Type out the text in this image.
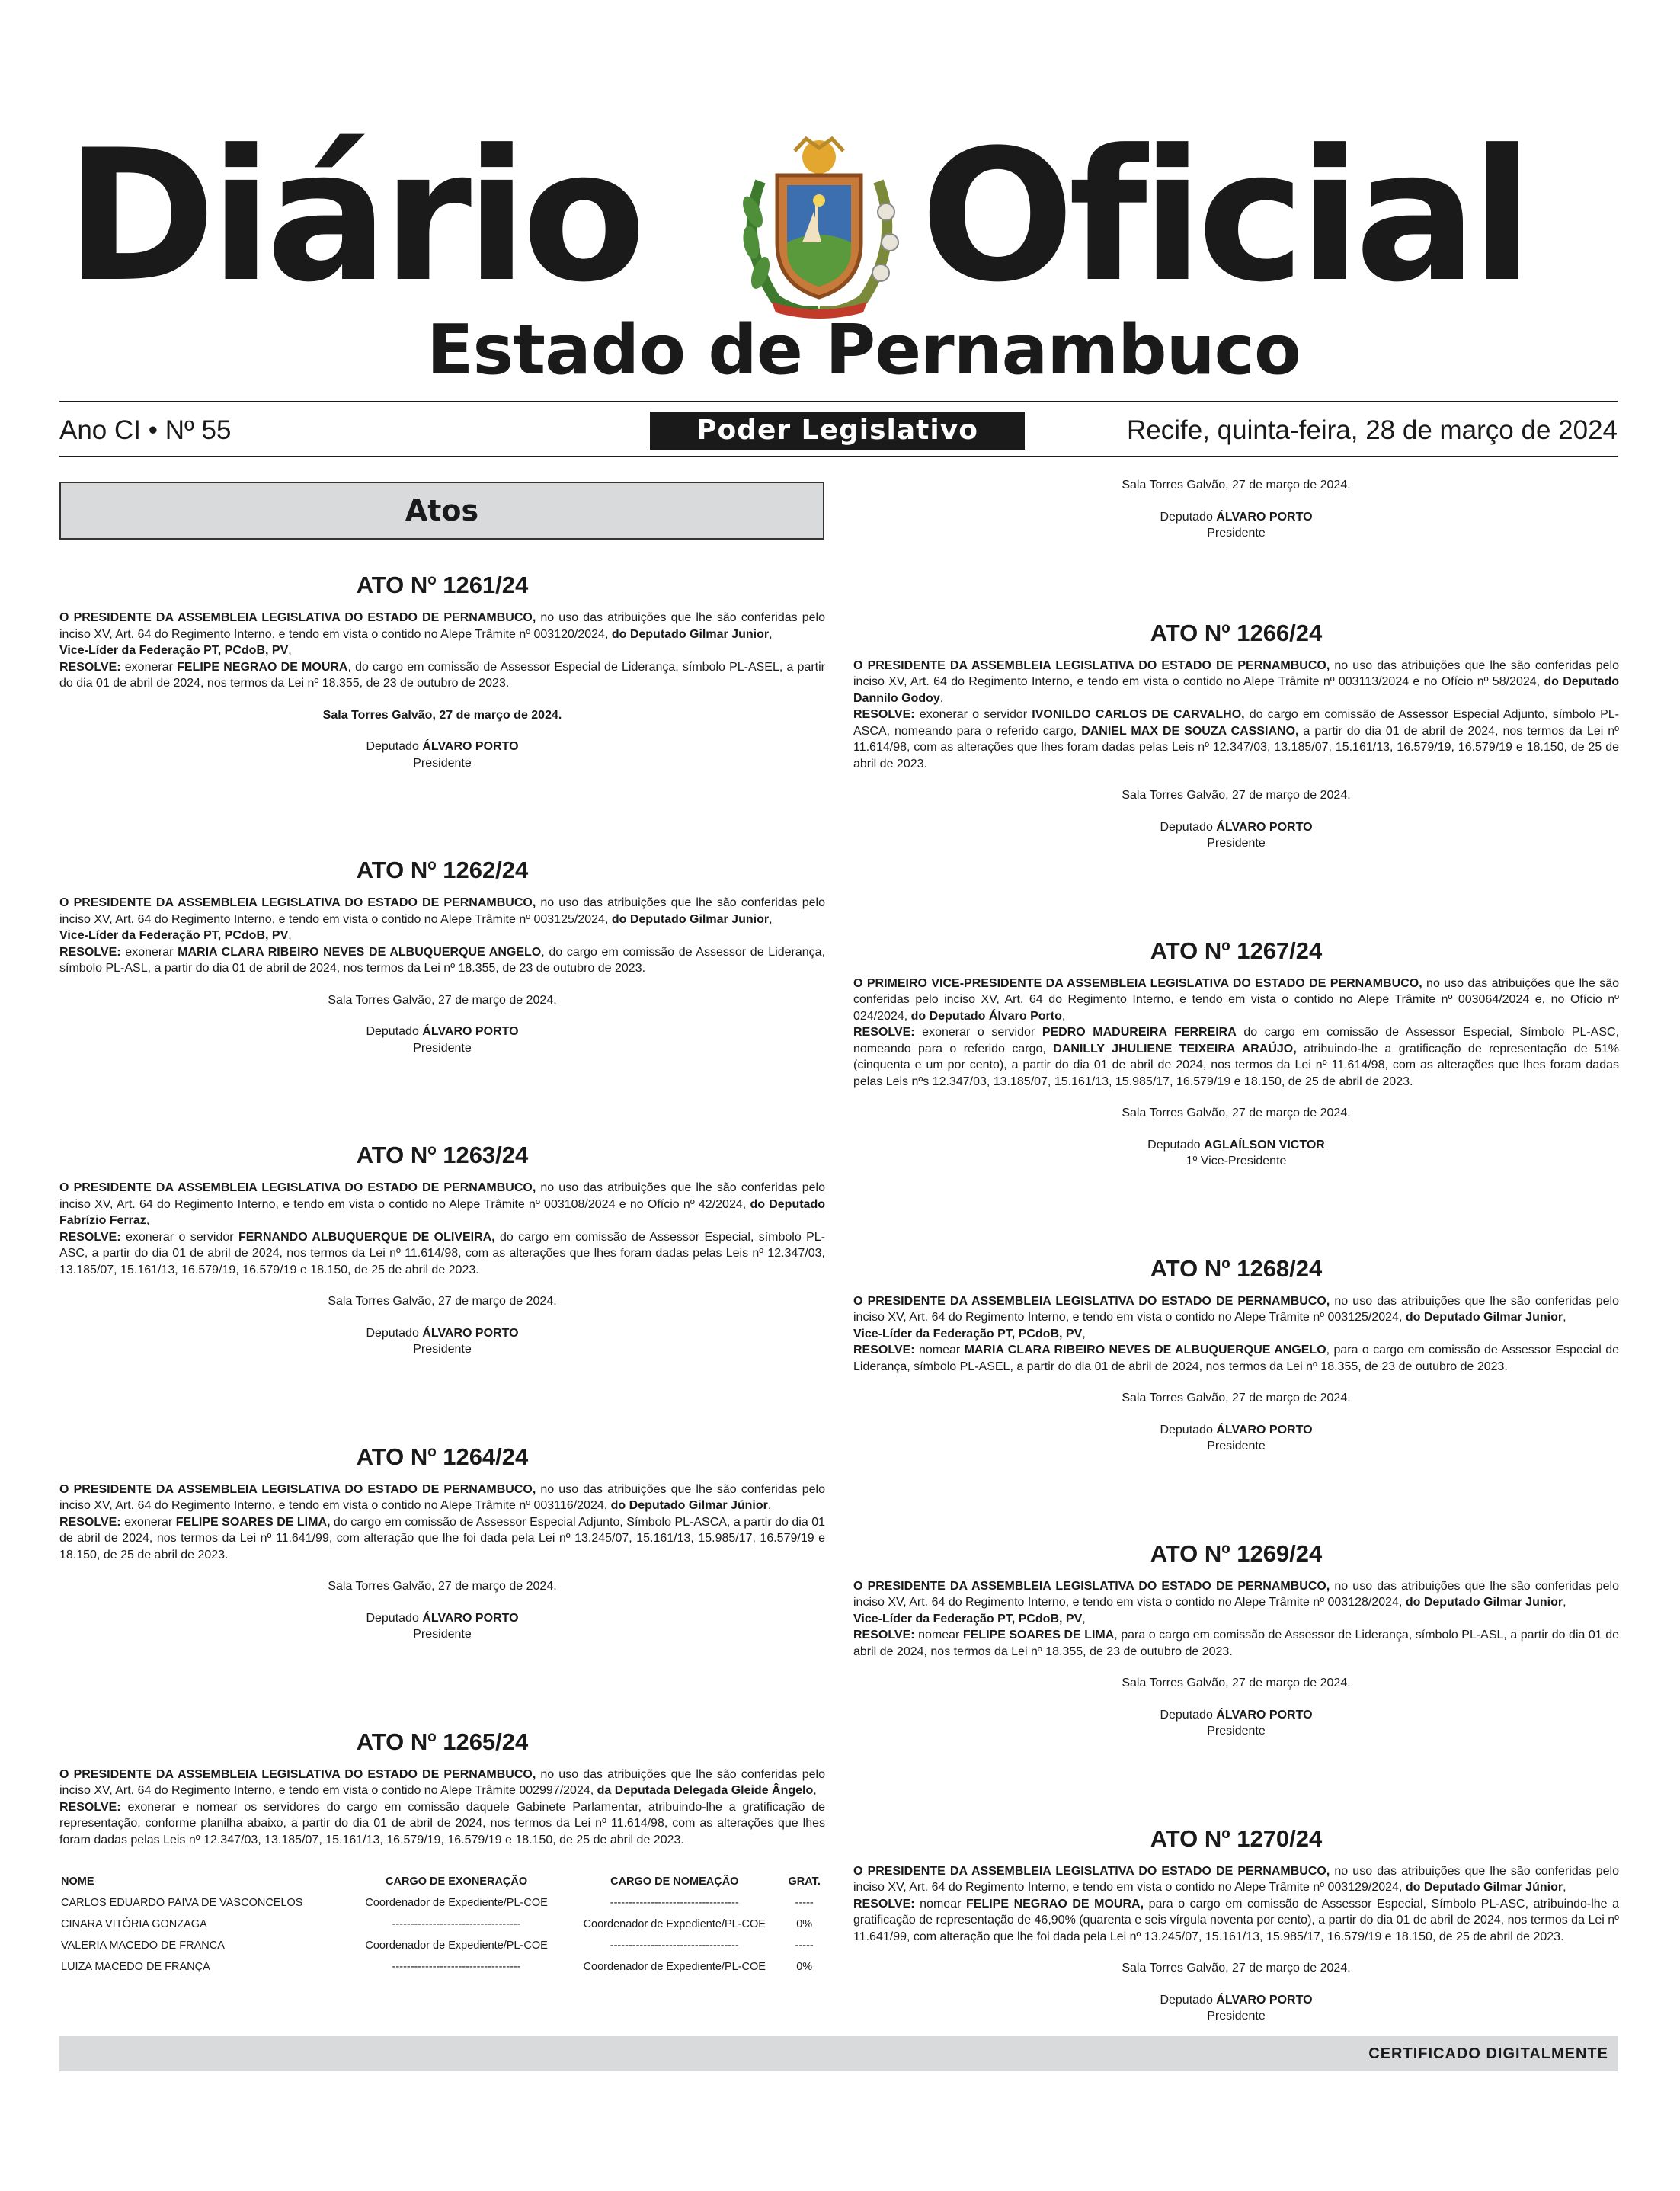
Diário Oficial
Estado de Pernambuco
Ano CI • Nº 55	Poder Legislativo	Recife, quinta-feira, 28 de março de 2024
Atos
ATO Nº 1261/24
O PRESIDENTE DA ASSEMBLEIA LEGISLATIVA DO ESTADO DE PERNAMBUCO, no uso das atribuições que lhe são conferidas pelo inciso XV, Art. 64 do Regimento Interno, e tendo em vista o contido no Alepe Trâmite nº 003120/2024, do Deputado Gilmar Junior,
Vice-Líder da Federação PT, PCdoB, PV,
RESOLVE: exonerar FELIPE NEGRAO DE MOURA, do cargo em comissão de Assessor Especial de Liderança, símbolo PL-ASEL, a partir do dia 01 de abril de 2024, nos termos da Lei nº 18.355, de 23 de outubro de 2023.
Sala Torres Galvão, 27 de março de 2024.
Deputado ÁLVARO PORTO
Presidente
ATO Nº 1262/24
O PRESIDENTE DA ASSEMBLEIA LEGISLATIVA DO ESTADO DE PERNAMBUCO, no uso das atribuições que lhe são conferidas pelo inciso XV, Art. 64 do Regimento Interno, e tendo em vista o contido no Alepe Trâmite nº 003125/2024, do Deputado Gilmar Junior,
Vice-Líder da Federação PT, PCdoB, PV,
RESOLVE: exonerar MARIA CLARA RIBEIRO NEVES DE ALBUQUERQUE ANGELO, do cargo em comissão de Assessor de Liderança, símbolo PL-ASL, a partir do dia 01 de abril de 2024, nos termos da Lei nº 18.355, de 23 de outubro de 2023.
Sala Torres Galvão, 27 de março de 2024.
Deputado ÁLVARO PORTO
Presidente
ATO Nº 1263/24
O PRESIDENTE DA ASSEMBLEIA LEGISLATIVA DO ESTADO DE PERNAMBUCO, no uso das atribuições que lhe são conferidas pelo inciso XV, Art. 64 do Regimento Interno, e tendo em vista o contido no Alepe Trâmite nº 003108/2024 e no Ofício nº 42/2024, do Deputado Fabrízio Ferraz,
RESOLVE: exonerar o servidor FERNANDO ALBUQUERQUE DE OLIVEIRA, do cargo em comissão de Assessor Especial, símbolo PL-ASC, a partir do dia 01 de abril de 2024, nos termos da Lei nº 11.614/98, com as alterações que lhes foram dadas pelas Leis nº 12.347/03, 13.185/07, 15.161/13, 16.579/19, 16.579/19 e 18.150, de 25 de abril de 2023.
Sala Torres Galvão, 27 de março de 2024.
Deputado ÁLVARO PORTO
Presidente
ATO Nº 1264/24
O PRESIDENTE DA ASSEMBLEIA LEGISLATIVA DO ESTADO DE PERNAMBUCO, no uso das atribuições que lhe são conferidas pelo inciso XV, Art. 64 do Regimento Interno, e tendo em vista o contido no Alepe Trâmite nº 003116/2024, do Deputado Gilmar Júnior,
RESOLVE: exonerar FELIPE SOARES DE LIMA, do cargo em comissão de Assessor Especial Adjunto, Símbolo PL-ASCA, a partir do dia 01 de abril de 2024, nos termos da Lei nº 11.641/99, com alteração que lhe foi dada pela Lei nº 13.245/07, 15.161/13, 15.985/17, 16.579/19 e 18.150, de 25 de abril de 2023.
Sala Torres Galvão, 27 de março de 2024.
Deputado ÁLVARO PORTO
Presidente
ATO Nº 1265/24
O PRESIDENTE DA ASSEMBLEIA LEGISLATIVA DO ESTADO DE PERNAMBUCO, no uso das atribuições que lhe são conferidas pelo inciso XV, Art. 64 do Regimento Interno, e tendo em vista o contido no Alepe Trâmite 002997/2024, da Deputada Delegada Gleide Ângelo,
RESOLVE: exonerar e nomear os servidores do cargo em comissão daquele Gabinete Parlamentar, atribuindo-lhe a gratificação de representação, conforme planilha abaixo, a partir do dia 01 de abril de 2024, nos termos da Lei nº 11.614/98, com as alterações que lhes foram dadas pelas Leis nº 12.347/03, 13.185/07, 15.161/13, 16.579/19, 16.579/19 e 18.150, de 25 de abril de 2023.
NOME	CARGO DE EXONERAÇÃO	CARGO DE NOMEAÇÃO	GRAT.
CARLOS EDUARDO PAIVA DE VASCONCELOS	Coordenador de Expediente/PL-COE	-----------------------------------	-----
CINARA VITÓRIA GONZAGA	-----------------------------------	Coordenador de Expediente/PL-COE	0%
VALERIA MACEDO DE FRANCA	Coordenador de Expediente/PL-COE	-----------------------------------	-----
LUIZA MACEDO DE FRANÇA	-----------------------------------	Coordenador de Expediente/PL-COE	0%
Sala Torres Galvão, 27 de março de 2024.
Deputado ÁLVARO PORTO
Presidente
ATO Nº 1266/24
O PRESIDENTE DA ASSEMBLEIA LEGISLATIVA DO ESTADO DE PERNAMBUCO, no uso das atribuições que lhe são conferidas pelo inciso XV, Art. 64 do Regimento Interno, e tendo em vista o contido no Alepe Trâmite nº 003113/2024 e no Ofício nº 58/2024, do Deputado Dannilo Godoy,
RESOLVE: exonerar o servidor IVONILDO CARLOS DE CARVALHO, do cargo em comissão de Assessor Especial Adjunto, símbolo PL-ASCA, nomeando para o referido cargo, DANIEL MAX DE SOUZA CASSIANO, a partir do dia 01 de abril de 2024, nos termos da Lei nº 11.614/98, com as alterações que lhes foram dadas pelas Leis nº 12.347/03, 13.185/07, 15.161/13, 16.579/19, 16.579/19 e 18.150, de 25 de abril de 2023.
Sala Torres Galvão, 27 de março de 2024.
Deputado ÁLVARO PORTO
Presidente
ATO Nº 1267/24
O PRIMEIRO VICE-PRESIDENTE DA ASSEMBLEIA LEGISLATIVA DO ESTADO DE PERNAMBUCO, no uso das atribuições que lhe são conferidas pelo inciso XV, Art. 64 do Regimento Interno, e tendo em vista o contido no Alepe Trâmite nº 003064/2024 e, no Ofício nº 024/2024, do Deputado Álvaro Porto,
RESOLVE: exonerar o servidor PEDRO MADUREIRA FERREIRA do cargo em comissão de Assessor Especial, Símbolo PL-ASC, nomeando para o referido cargo, DANILLY JHULIENE TEIXEIRA ARAÚJO, atribuindo-lhe a gratificação de representação de 51% (cinquenta e um por cento), a partir do dia 01 de abril de 2024, nos termos da Lei nº 11.614/98, com as alterações que lhes foram dadas pelas Leis nºs 12.347/03, 13.185/07, 15.161/13, 15.985/17, 16.579/19 e 18.150, de 25 de abril de 2023.
Sala Torres Galvão, 27 de março de 2024.
Deputado AGLAÍLSON VICTOR
1º Vice-Presidente
ATO Nº 1268/24
O PRESIDENTE DA ASSEMBLEIA LEGISLATIVA DO ESTADO DE PERNAMBUCO, no uso das atribuições que lhe são conferidas pelo inciso XV, Art. 64 do Regimento Interno, e tendo em vista o contido no Alepe Trâmite nº 003125/2024, do Deputado Gilmar Junior,
Vice-Líder da Federação PT, PCdoB, PV,
RESOLVE: nomear MARIA CLARA RIBEIRO NEVES DE ALBUQUERQUE ANGELO, para o cargo em comissão de Assessor Especial de Liderança, símbolo PL-ASEL, a partir do dia 01 de abril de 2024, nos termos da Lei nº 18.355, de 23 de outubro de 2023.
Sala Torres Galvão, 27 de março de 2024.
Deputado ÁLVARO PORTO
Presidente
ATO Nº 1269/24
O PRESIDENTE DA ASSEMBLEIA LEGISLATIVA DO ESTADO DE PERNAMBUCO, no uso das atribuições que lhe são conferidas pelo inciso XV, Art. 64 do Regimento Interno, e tendo em vista o contido no Alepe Trâmite nº 003128/2024, do Deputado Gilmar Junior,
Vice-Líder da Federação PT, PCdoB, PV,
RESOLVE: nomear FELIPE SOARES DE LIMA, para o cargo em comissão de Assessor de Liderança, símbolo PL-ASL, a partir do dia 01 de abril de 2024, nos termos da Lei nº 18.355, de 23 de outubro de 2023.
Sala Torres Galvão, 27 de março de 2024.
Deputado ÁLVARO PORTO
Presidente
ATO Nº 1270/24
O PRESIDENTE DA ASSEMBLEIA LEGISLATIVA DO ESTADO DE PERNAMBUCO, no uso das atribuições que lhe são conferidas pelo inciso XV, Art. 64 do Regimento Interno, e tendo em vista o contido no Alepe Trâmite nº 003129/2024, do Deputado Gilmar Júnior,
RESOLVE: nomear FELIPE NEGRAO DE MOURA, para o cargo em comissão de Assessor Especial, Símbolo PL-ASC, atribuindo-lhe a gratificação de representação de 46,90% (quarenta e seis vírgula noventa por cento), a partir do dia 01 de abril de 2024, nos termos da Lei nº 11.641/99, com alteração que lhe foi dada pela Lei nº 13.245/07, 15.161/13, 15.985/17, 16.579/19 e 18.150, de 25 de abril de 2023.
Sala Torres Galvão, 27 de março de 2024.
Deputado ÁLVARO PORTO
Presidente
CERTIFICADO DIGITALMENTE
